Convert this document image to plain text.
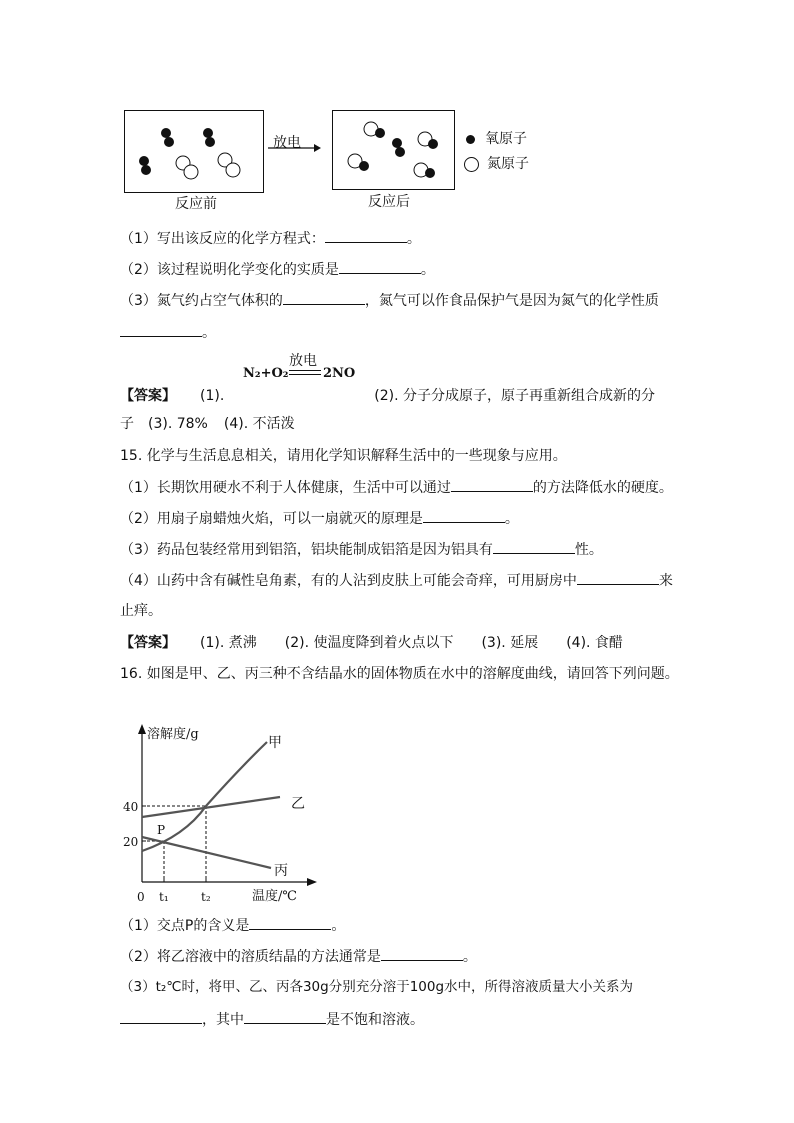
反应前
放电
反应后
氧原子
氮原子
（1）写出该反应的化学方程式：	。
（2）该过程说明化学变化的实质是	。
（3）氮气约占空气体积的	，氮气可以作食品保护气是因为氮气的化学性质
。
N₂+O₂
放电
2NO
【答案】 (1).	(2). 分子分成原子，原子再重新组合成新的分
子 (3). 78% (4). 不活泼
15. 化学与生活息息相关，请用化学知识解释生活中的一些现象与应用。
（1）长期饮用硬水不利于人体健康，生活中可以通过	的方法降低水的硬度。
（2）用扇子扇蜡烛火焰，可以一扇就灭的原理是	。
（3）药品包装经常用到铝箔，铝块能制成铝箔是因为铝具有	性。
（4）山药中含有碱性皂角素，有的人沾到皮肤上可能会奇痒，可用厨房中	来
止痒。
【答案】 (1). 煮沸 (2). 使温度降到着火点以下 (3). 延展 (4). 食醋
16. 如图是甲、乙、丙三种不含结晶水的固体物质在水中的溶解度曲线，请回答下列问题。
溶解度/g
温度/℃
40
20
0 t₁	t₂
P
甲
乙
丙
（1）交点P的含义是	。
（2）将乙溶液中的溶质结晶的方法通常是	。
（3）t₂℃时，将甲、乙、丙各30g分别充分溶于100g水中，所得溶液质量大小关系为
，其中	是不饱和溶液。
